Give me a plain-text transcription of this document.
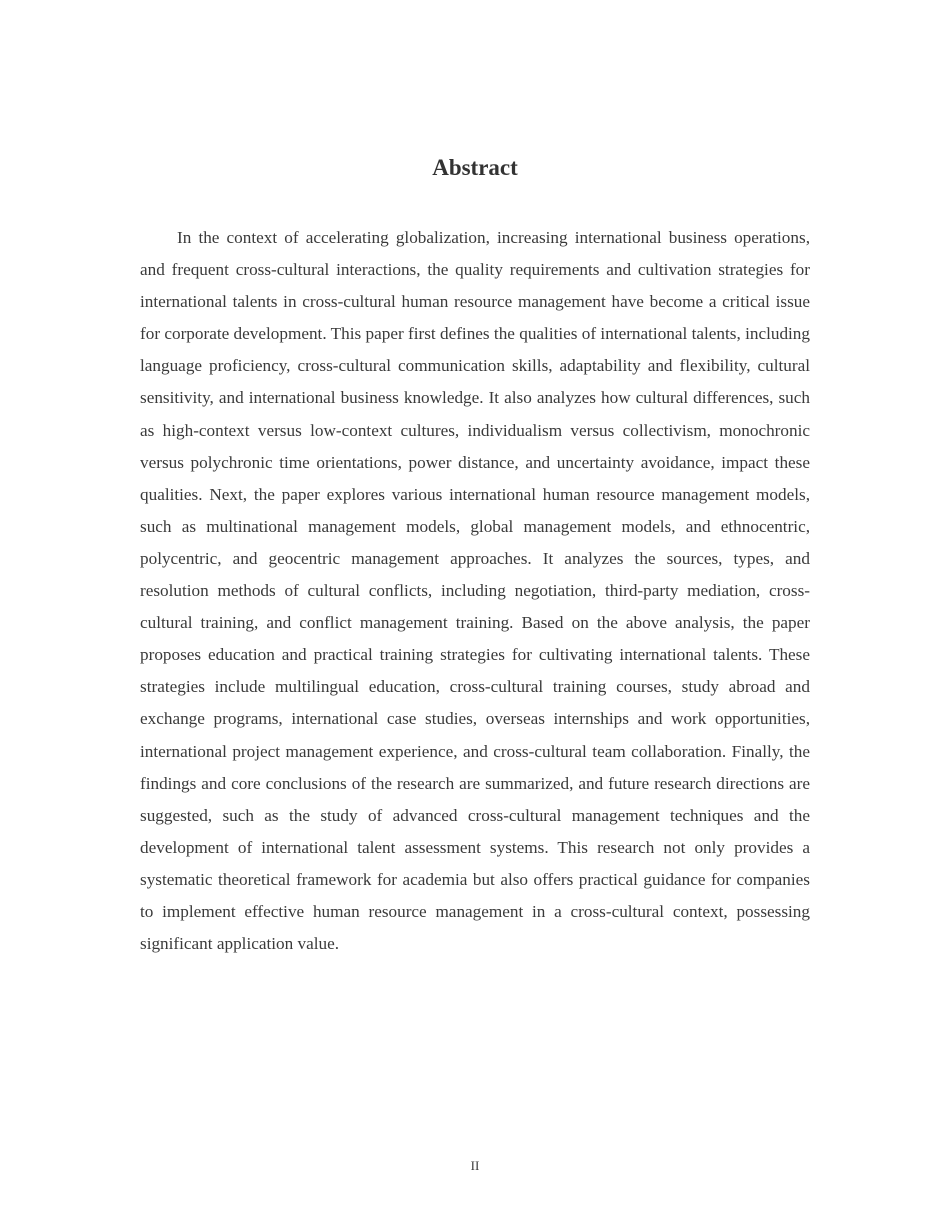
Abstract

In the context of accelerating globalization, increasing international business operations, and frequent cross-cultural interactions, the quality requirements and cultivation strategies for international talents in cross-cultural human resource management have become a critical issue for corporate development. This paper first defines the qualities of international talents, including language proficiency, cross-cultural communication skills, adaptability and flexibility, cultural sensitivity, and international business knowledge. It also analyzes how cultural differences, such as high-context versus low-context cultures, individualism versus collectivism, monochronic versus polychronic time orientations, power distance, and uncertainty avoidance, impact these qualities. Next, the paper explores various international human resource management models, such as multinational management models, global management models, and ethnocentric, polycentric, and geocentric management approaches. It analyzes the sources, types, and resolution methods of cultural conflicts, including negotiation, third-party mediation, cross-cultural training, and conflict management training. Based on the above analysis, the paper proposes education and practical training strategies for cultivating international talents. These strategies include multilingual education, cross-cultural training courses, study abroad and exchange programs, international case studies, overseas internships and work opportunities, international project management experience, and cross-cultural team collaboration. Finally, the findings and core conclusions of the research are summarized, and future research directions are suggested, such as the study of advanced cross-cultural management techniques and the development of international talent assessment systems. This research not only provides a systematic theoretical framework for academia but also offers practical guidance for companies to implement effective human resource management in a cross-cultural context, possessing significant application value.

II
